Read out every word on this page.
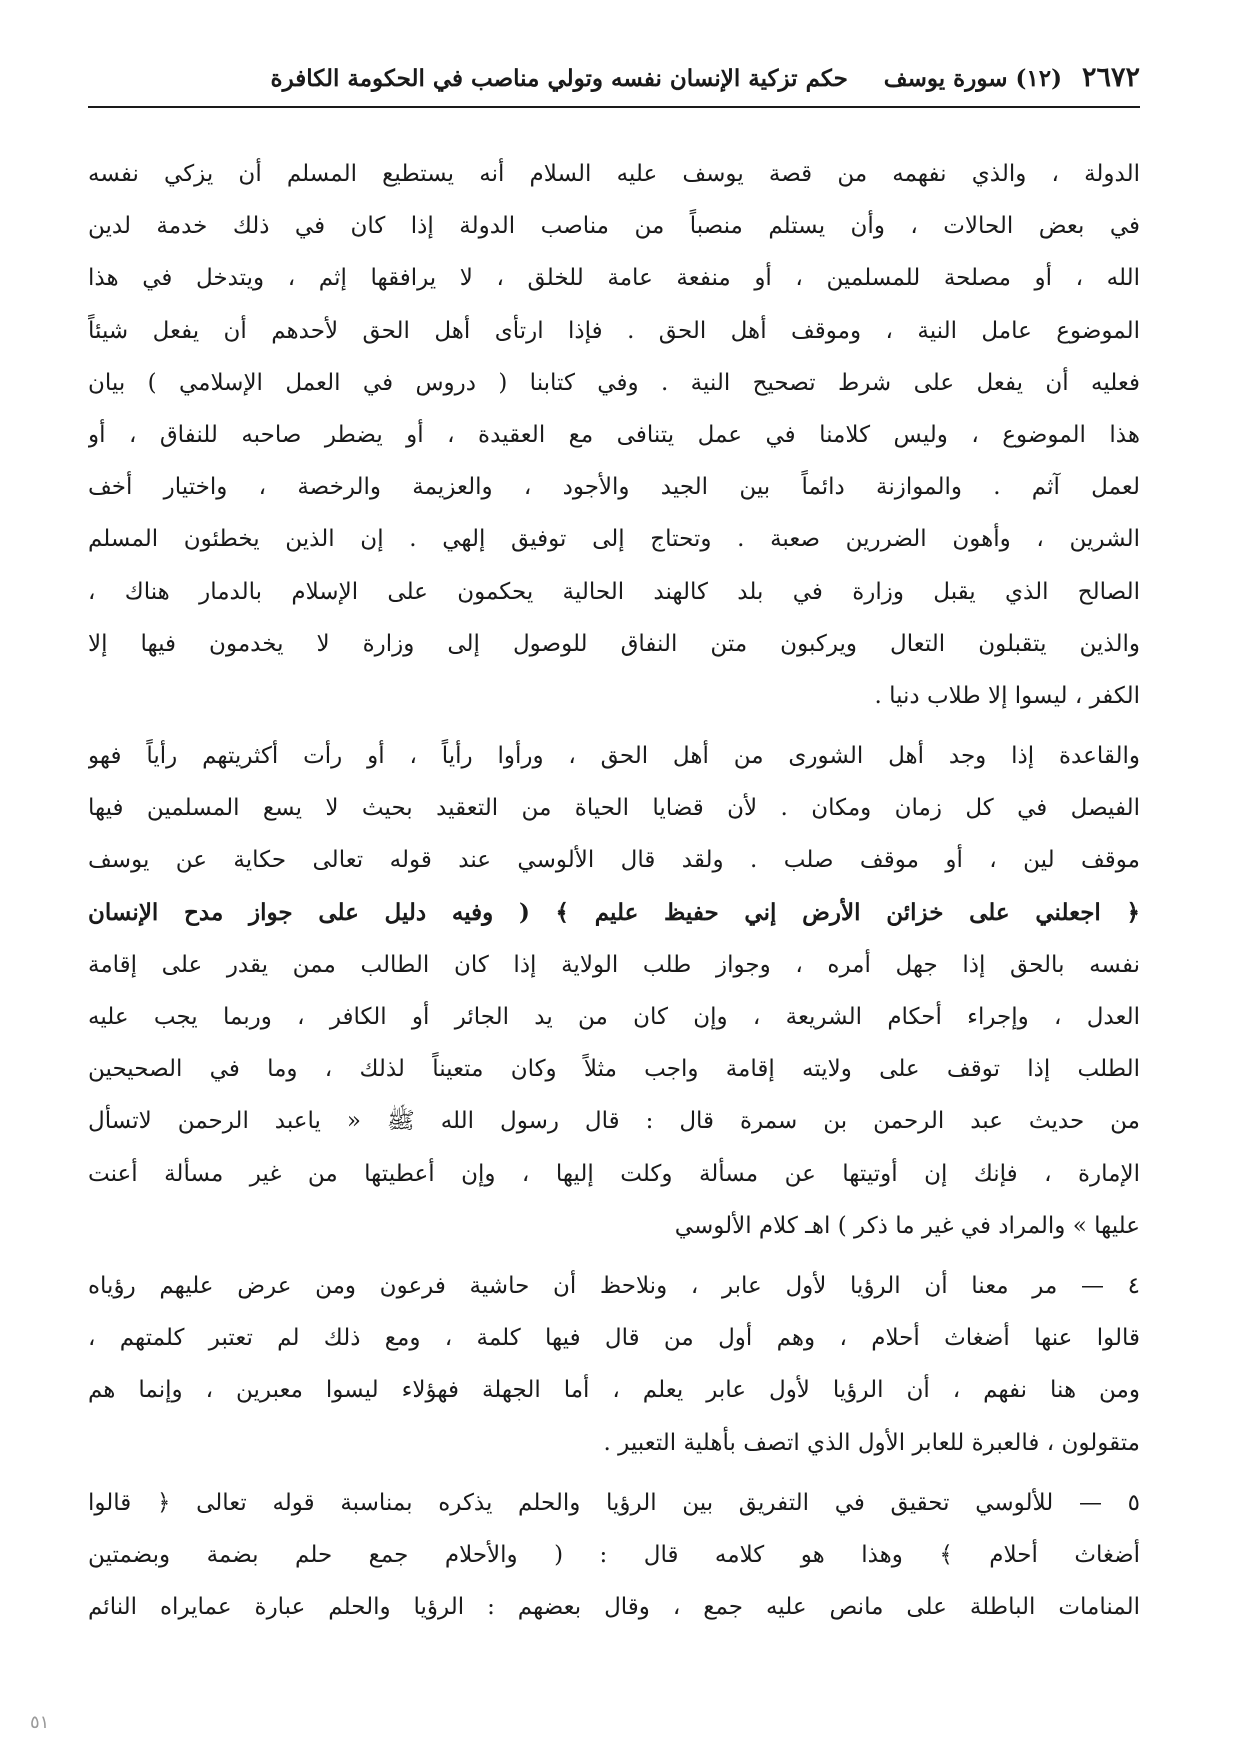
٢٦٧٢
(١٢) سورة يوسف
حكم تزكية الإنسان نفسه وتولي مناصب في الحكومة الكافرة
الدولة ، والذي نفهمه من قصة يوسف عليه السلام أنه يستطيع المسلم أن يزكي نفسه
في بعض الحالات ، وأن يستلم منصباً من مناصب الدولة إذا كان في ذلك خدمة لدين
الله ، أو مصلحة للمسلمين ، أو منفعة عامة للخلق ، لا يرافقها إثم ، ويتدخل في هذا
الموضوع عامل النية ، وموقف أهل الحق . فإذا ارتأى أهل الحق لأحدهم أن يفعل شيئاً
فعليه أن يفعل على شرط تصحيح النية . وفي كتابنا ( دروس في العمل الإسلامي ) بيان
هذا الموضوع ، وليس كلامنا في عمل يتنافى مع العقيدة ، أو يضطر صاحبه للنفاق ، أو
لعمل آثم . والموازنة دائماً بين الجيد والأجود ، والعزيمة والرخصة ، واختيار أخف
الشرين ، وأهون الضررين صعبة . وتحتاج إلى توفيق إلهي . إن الذين يخطئون المسلم
الصالح الذي يقبل وزارة في بلد كالهند الحالية يحكمون على الإسلام بالدمار هناك ،
والذين يتقبلون التعال ويركبون متن النفاق للوصول إلى وزارة لا يخدمون فيها إلا
الكفر ، ليسوا إلا طلاب دنيا .
والقاعدة إذا وجد أهل الشورى من أهل الحق ، ورأوا رأياً ، أو رأت أكثريتهم رأياً فهو
الفيصل في كل زمان ومكان . لأن قضايا الحياة من التعقيد بحيث لا يسع المسلمين فيها
موقف لين ، أو موقف صلب . ولقد قال الألوسي عند قوله تعالى حكاية عن يوسف
﴿ اجعلني على خزائن الأرض إني حفيظ عليم ﴾ ( وفيه دليل على جواز مدح الإنسان
نفسه بالحق إذا جهل أمره ، وجواز طلب الولاية إذا كان الطالب ممن يقدر على إقامة
العدل ، وإجراء أحكام الشريعة ، وإن كان من يد الجائر أو الكافر ، وربما يجب عليه
الطلب إذا توقف على ولايته إقامة واجب مثلاً وكان متعيناً لذلك ، وما في الصحيحين
من حديث عبد الرحمن بن سمرة قال : قال رسول الله ﷺ « ياعبد الرحمن لاتسأل
الإمارة ، فإنك إن أوتيتها عن مسألة وكلت إليها ، وإن أعطيتها من غير مسألة أعنت
عليها » والمراد في غير ما ذكر ) اهـ كلام الألوسي
٤ — مر معنا أن الرؤيا لأول عابر ، ونلاحظ أن حاشية فرعون ومن عرض عليهم رؤياه
قالوا عنها أضغاث أحلام ، وهم أول من قال فيها كلمة ، ومع ذلك لم تعتبر كلمتهم ،
ومن هنا نفهم ، أن الرؤيا لأول عابر يعلم ، أما الجهلة فهؤلاء ليسوا معبرين ، وإنما هم
متقولون ، فالعبرة للعابر الأول الذي اتصف بأهلية التعبير .
٥ — للألوسي تحقيق في التفريق بين الرؤيا والحلم يذكره بمناسبة قوله تعالى ﴿ قالوا
أضغاث أحلام ﴾ وهذا هو كلامه قال : ( والأحلام جمع حلم بضمة وبضمتين
المنامات الباطلة على مانص عليه جمع ، وقال بعضهم : الرؤيا والحلم عبارة عمايراه النائم
٥١
